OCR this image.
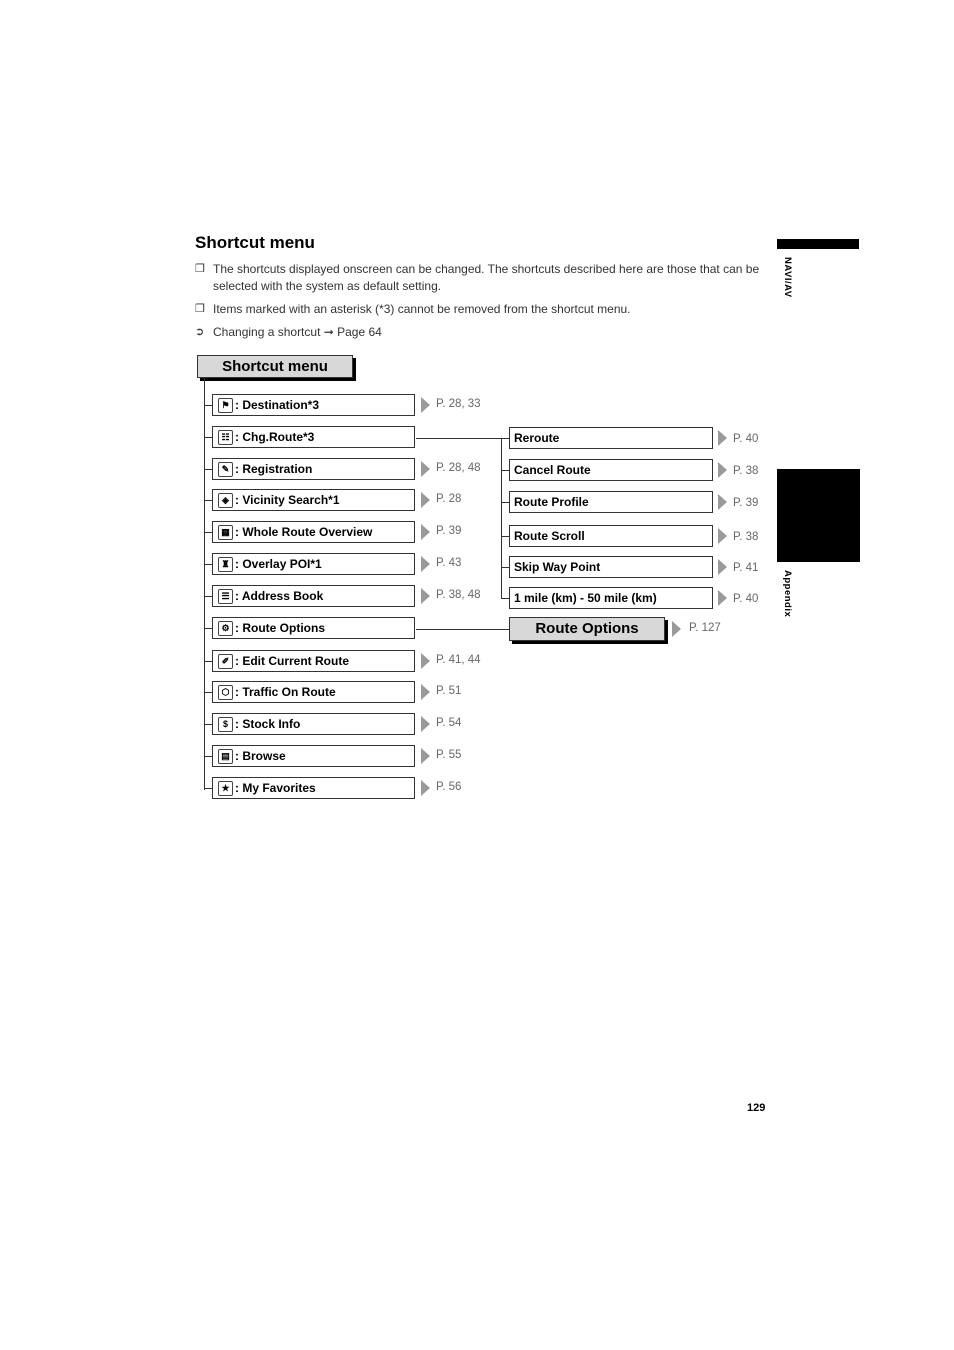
Shortcut menu
❒ The shortcuts displayed onscreen can be changed. The shortcuts described here are those that can be selected with the system as default setting.
❒ Items marked with an asterisk (*3) cannot be removed from the shortcut menu.
➲ Changing a shortcut ➞ Page 64
Shortcut menu
⚑ : Destination*3	P. 28, 33
☷ : Chg.Route*3
✎ : Registration	P. 28, 48
◈ : Vicinity Search*1	P. 28
▦ : Whole Route Overview	P. 39
♜ : Overlay POI*1	P. 43
☰ : Address Book	P. 38, 48
⚙ : Route Options
✐ : Edit Current Route	P. 41, 44
⬡ : Traffic On Route	P. 51
$ : Stock Info	P. 54
▤ : Browse	P. 55
★ : My Favorites	P. 56
Reroute	P. 40
Cancel Route	P. 38
Route Profile	P. 39
Route Scroll	P. 38
Skip Way Point	P. 41
1 mile (km) - 50 mile (km)	P. 40
Route Options	P. 127
NAVI/AV
Appendix
129
